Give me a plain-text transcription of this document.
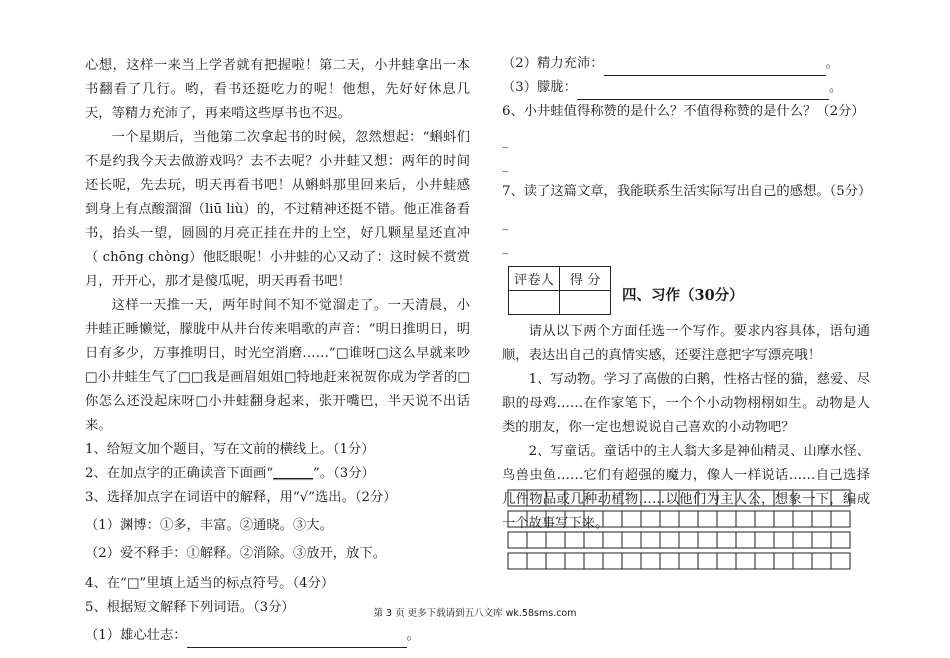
心想，这样一来当上学者就有把握啦！第二天，小井蛙拿出一本书翻看了几行。哟，看书还挺吃力的呢！他想，先好好休息几天，等精力充沛了，再来啃这些厚书也不迟。

一个星期后，当他第二次拿起书的时候，忽然想起：“蝌蚪们不是约我今天去做游戏吗？去不去呢？小井蛙又想：两年的时间还长呢，先去玩，明天再看书吧！从蝌蚪那里回来后，小井蛙感到身上有点酸溜溜（liū liù）的，不过精神还挺不错。他正准备看书，抬头一望，圆圆的月亮正挂在井的上空，好几颗星星还直冲（ chōng chòng）他眨眼呢！小井蛙的心又动了：这时候不赏赏月，开开心，那才是傻瓜呢，明天再看书吧！

这样一天推一天，两年时间不知不觉溜走了。一天清晨，小井蛙正睡懒觉，朦胧中从井台传来唱歌的声音：“明日推明日，明日有多少，万事推明日，时光空消磨……”□谁呀□这么早就来吵□小井蛙生气了□□我是画眉姐姐□特地赶来祝贺你成为学者的□你怎么还没起床呀□小井蛙翻身起来，张开嘴巴，半天说不出话来。

1、给短文加个题目，写在文前的横线上。（1分）

2、在加点字的正确读音下面画“______”。（3分）

3、选择加点字在词语中的解释，用“√”选出。（2分）

（1）渊博：①多，丰富。②通晓。③大。

（2）爱不释手：①解释。②消除。③放开，放下。

4、在“□”里填上适当的标点符号。（4分）

5、根据短文解释下列词语。（3分）

（1）雄心壮志：	。

（2）精力充沛：	。

（3）朦胧：	。

6、小井蛙值得称赞的是什么？不值得称赞的是什么？（2分）

_

_

7、读了这篇文章，我能联系生活实际写出自己的感想。（5分）

_

_

评卷人	得 分

四、习作（30分）

请从以下两个方面任选一个写作。要求内容具体，语句通顺，表达出自己的真情实感，还要注意把字写漂亮哦！

1、写动物。学习了高傲的白鹅，性格古怪的猫，慈爱、尽职的母鸡……在作家笔下，一个个小动物栩栩如生。动物是人类的朋友，你一定也想说说自己喜欢的小动物吧？

2、写童话。童话中的主人翁大多是神仙精灵、山摩水怪、鸟兽虫鱼……它们有超强的魔力，像人一样说话……自己选择几件物品或几种动植物……以他们为主人公，想象一下，编成一个故事写下来。

第 3 页 更多下载请到五八文库 wk.58sms.com
